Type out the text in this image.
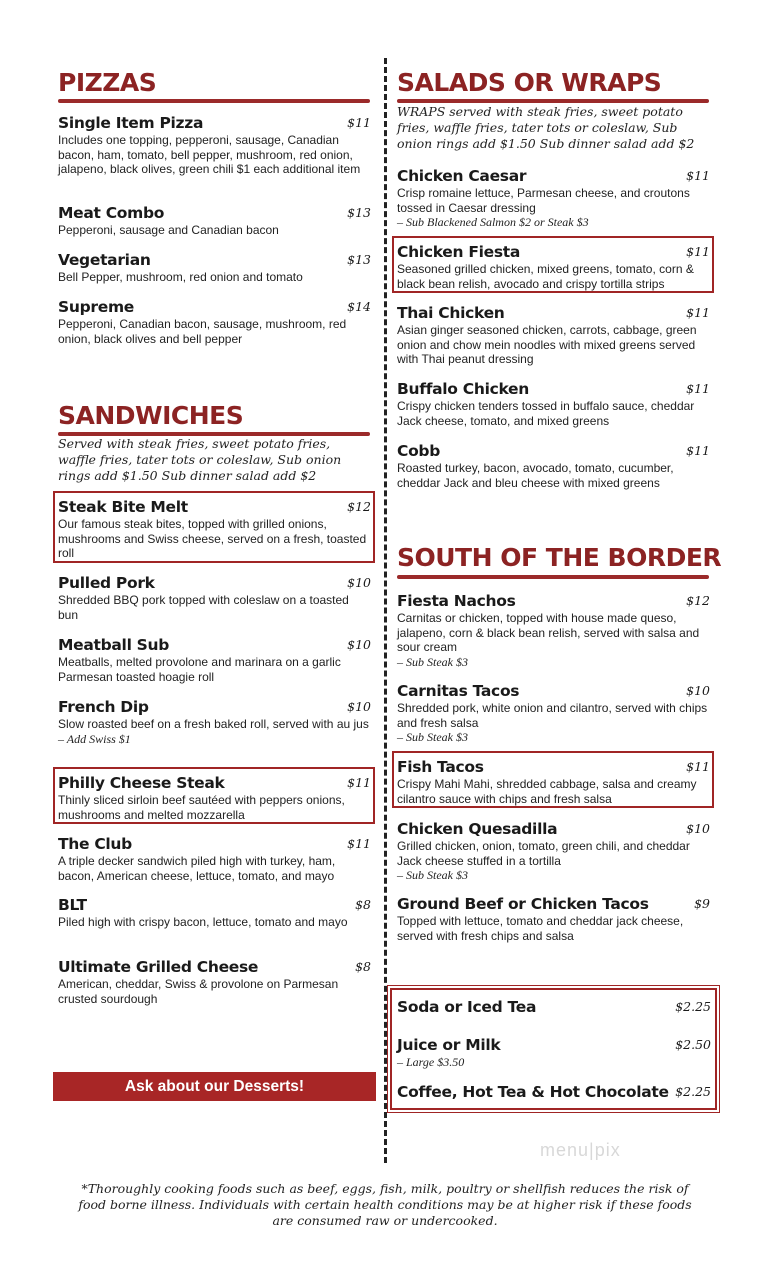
PIZZAS
Single Item Pizza	$11
Includes one topping, pepperoni, sausage, Canadian bacon, ham, tomato, bell pepper, mushroom, red onion, jalapeno, black olives, green chili $1 each additional item
Meat Combo	$13
Pepperoni, sausage and Canadian bacon
Vegetarian	$13
Bell Pepper, mushroom, red onion and tomato
Supreme	$14
Pepperoni, Canadian bacon, sausage, mushroom, red onion, black olives and bell pepper
SANDWICHES
Served with steak fries, sweet potato fries, waffle fries, tater tots or coleslaw, Sub onion rings add $1.50 Sub dinner salad add $2
Steak Bite Melt	$12
Our famous steak bites, topped with grilled onions, mushrooms and Swiss cheese, served on a fresh, toasted roll
Pulled Pork	$10
Shredded BBQ pork topped with coleslaw on a toasted bun
Meatball Sub	$10
Meatballs, melted provolone and marinara on a garlic Parmesan toasted hoagie roll
French Dip	$10
Slow roasted beef on a fresh baked roll, served with au jus
– Add Swiss $1
Philly Cheese Steak	$11
Thinly sliced sirloin beef sautéed with peppers onions, mushrooms and melted mozzarella
The Club	$11
A triple decker sandwich piled high with turkey, ham, bacon, American cheese, lettuce, tomato, and mayo
BLT	$8
Piled high with crispy bacon, lettuce, tomato and mayo
Ultimate Grilled Cheese	$8
American, cheddar, Swiss & provolone on Parmesan crusted sourdough
Ask about our Desserts!
SALADS OR WRAPS
WRAPS served with steak fries, sweet potato fries, waffle fries, tater tots or coleslaw, Sub onion rings add $1.50 Sub dinner salad add $2
Chicken Caesar	$11
Crisp romaine lettuce, Parmesan cheese, and croutons tossed in Caesar dressing
– Sub Blackened Salmon $2 or Steak $3
Chicken Fiesta	$11
Seasoned grilled chicken, mixed greens, tomato, corn & black bean relish, avocado and crispy tortilla strips
Thai Chicken	$11
Asian ginger seasoned chicken, carrots, cabbage, green onion and chow mein noodles with mixed greens served with Thai peanut dressing
Buffalo Chicken	$11
Crispy chicken tenders tossed in buffalo sauce, cheddar Jack cheese, tomato, and mixed greens
Cobb	$11
Roasted turkey, bacon, avocado, tomato, cucumber, cheddar Jack and bleu cheese with mixed greens
SOUTH OF THE BORDER
Fiesta Nachos	$12
Carnitas or chicken, topped with house made queso, jalapeno, corn & black bean relish, served with salsa and sour cream
– Sub Steak $3
Carnitas Tacos	$10
Shredded pork, white onion and cilantro, served with chips and fresh salsa
– Sub Steak $3
Fish Tacos	$11
Crispy Mahi Mahi, shredded cabbage, salsa and creamy cilantro sauce with chips and fresh salsa
Chicken Quesadilla	$10
Grilled chicken, onion, tomato, green chili, and cheddar Jack cheese stuffed in a tortilla
– Sub Steak $3
Ground Beef or Chicken Tacos	$9
Topped with lettuce, tomato and cheddar jack cheese, served with fresh chips and salsa
Soda or Iced Tea	$2.25
Juice or Milk	$2.50
– Large $3.50
Coffee, Hot Tea & Hot Chocolate $2.25
menu|pix
*Thoroughly cooking foods such as beef, eggs, fish, milk, poultry or shellfish reduces the risk of food borne illness. Individuals with certain health conditions may be at higher risk if these foods are consumed raw or undercooked.
